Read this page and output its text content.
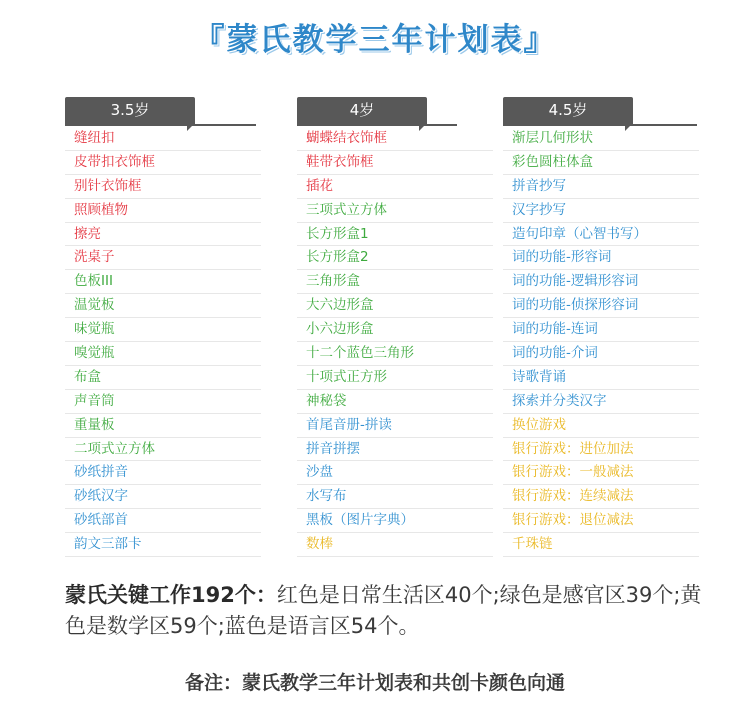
『蒙氏教学三年计划表』
3.5岁
缝纽扣
皮带扣衣饰框
别针衣饰框
照顾植物
擦亮
洗桌子
色板III
温觉板
味觉瓶
嗅觉瓶
布盒
声音筒
重量板
二项式立方体
砂纸拼音
砂纸汉字
砂纸部首
韵文三部卡
4岁
蝴蝶结衣饰框
鞋带衣饰框
插花
三项式立方体
长方形盒1
长方形盒2
三角形盒
大六边形盒
小六边形盒
十二个蓝色三角形
十项式正方形
神秘袋
首尾音册-拼读
拼音拼摆
沙盘
水写布
黑板（图片字典）
数棒
4.5岁
渐层几何形状
彩色圆柱体盒
拼音抄写
汉字抄写
造句印章（心智书写）
词的功能-形容词
词的功能-逻辑形容词
词的功能-侦探形容词
词的功能-连词
词的功能-介词
诗歌背诵
探索并分类汉字
换位游戏
银行游戏：进位加法
银行游戏：一般减法
银行游戏：连续减法
银行游戏：退位减法
千珠链
蒙氏关键工作192个：红色是日常生活区40个;绿色是感官区39个;黄色是数学区59个;蓝色是语言区54个。
备注：蒙氏教学三年计划表和共创卡颜色向通
